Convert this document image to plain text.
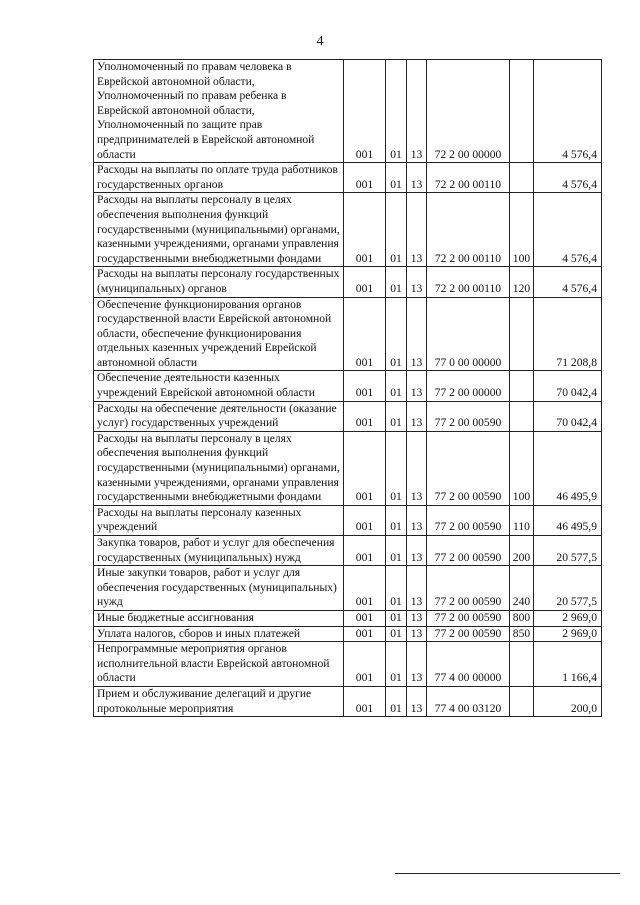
4
Уполномоченный по правам человека в Еврейской автономной области, Уполномоченный по правам ребенка в Еврейской автономной области, Уполномоченный по защите прав предпринимателей в Еврейской автономной области	001	01	13	72 2 00 00000		4 576,4
Расходы на выплаты по оплате труда работников государственных органов	001	01	13	72 2 00 00110		4 576,4
Расходы на выплаты персоналу в целях обеспечения выполнения функций государственными (муниципальными) органами, казенными учреждениями, органами управления государственными внебюджетными фондами	001	01	13	72 2 00 00110	100	4 576,4
Расходы на выплаты персоналу государственных (муниципальных) органов	001	01	13	72 2 00 00110	120	4 576,4
Обеспечение функционирования органов государственной власти Еврейской автономной области, обеспечение функционирования отдельных казенных учреждений Еврейской автономной области	001	01	13	77 0 00 00000		71 208,8
Обеспечение деятельности казенных учреждений Еврейской автономной области	001	01	13	77 2 00 00000		70 042,4
Расходы на обеспечение деятельности (оказание услуг) государственных учреждений	001	01	13	77 2 00 00590		70 042,4
Расходы на выплаты персоналу в целях обеспечения выполнения функций государственными (муниципальными) органами, казенными учреждениями, органами управления государственными внебюджетными фондами	001	01	13	77 2 00 00590	100	46 495,9
Расходы на выплаты персоналу казенных учреждений	001	01	13	77 2 00 00590	110	46 495,9
Закупка товаров, работ и услуг для обеспечения государственных (муниципальных) нужд	001	01	13	77 2 00 00590	200	20 577,5
Иные закупки товаров, работ и услуг для обеспечения государственных (муниципальных) нужд	001	01	13	77 2 00 00590	240	20 577,5
Иные бюджетные ассигнования	001	01	13	77 2 00 00590	800	2 969,0
Уплата налогов, сборов и иных платежей	001	01	13	77 2 00 00590	850	2 969,0
Непрограммные мероприятия органов исполнительной власти Еврейской автономной области	001	01	13	77 4 00 00000		1 166,4
Прием и обслуживание делегаций и другие протокольные мероприятия	001	01	13	77 4 00 03120		200,0
